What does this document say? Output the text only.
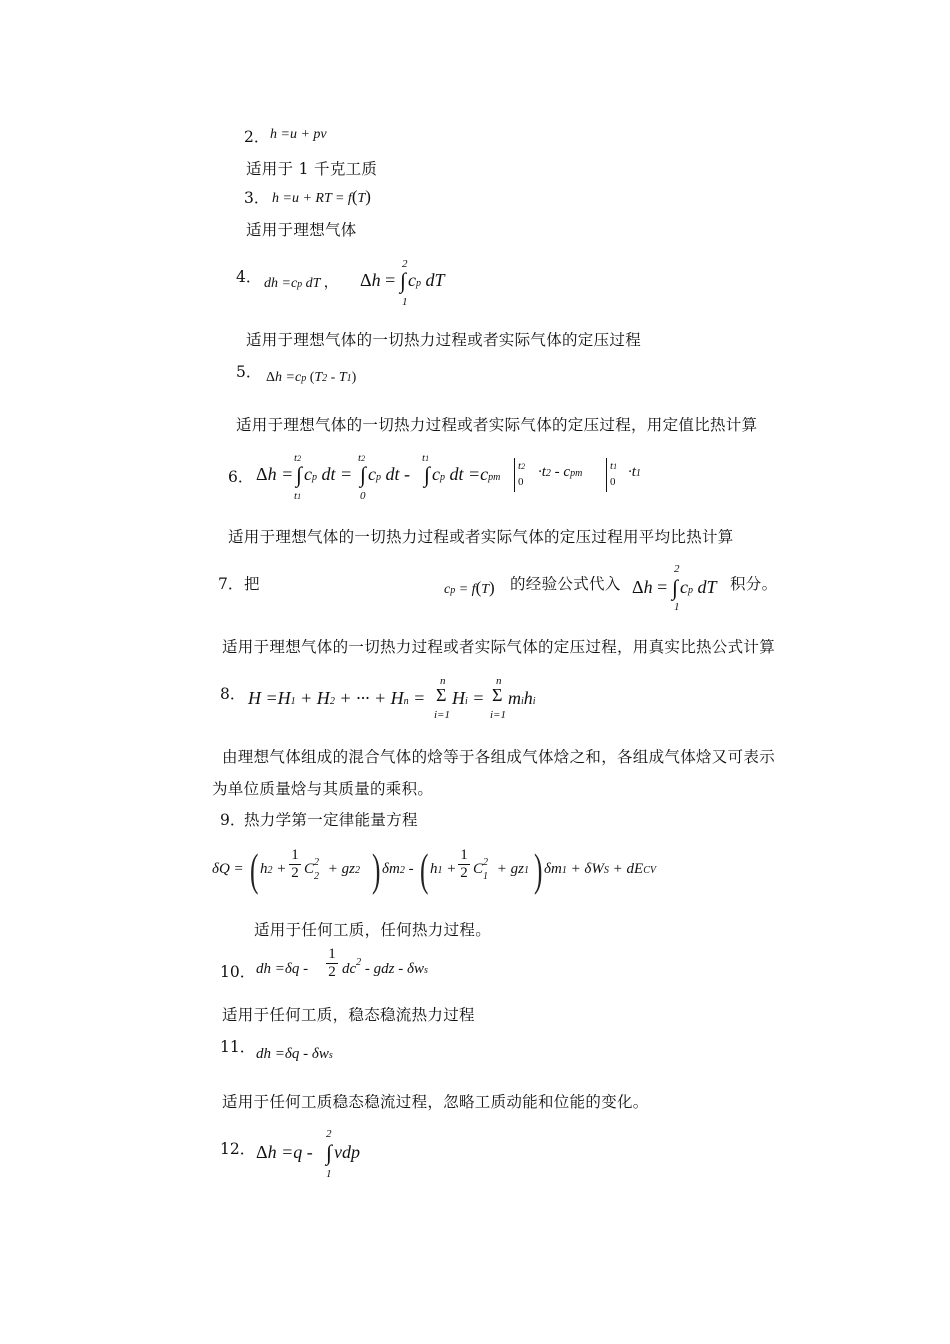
2． h =u + pv
适用于 1 千克工质
3． h =u + RT = f(T)
适用于理想气体
4． dh =cp dT ，
2
Δh = ∫ cp dT
1
适用于理想气体的一切热力过程或者实际气体的定压过程
5． Δh =cp (T2 - T1)
适用于理想气体的一切热力过程或者实际气体的定压过程，用定值比热计算
6． Δh =
t2
∫ cp dt =
t1
t2
∫ cp dt -
0
t1
∫ cp dt =cpm
t2
0
·t2 - cpm
t1
0
·t1
适用于理想气体的一切热力过程或者实际气体的定压过程用平均比热计算
7． 把	cp = f(T) 的经验公式代入
2
Δh = ∫ cp dT
1
积分。
适用于理想气体的一切热力过程或者实际气体的定压过程，用真实比热公式计算
8． H =H1 + H2 + ··· + Hn =
n
Σ
i=1
Hi =
n
Σ
i=1
mihi
由理想气体组成的混合气体的焓等于各组成气体焓之和，各组成气体焓又可表示
为单位质量焓与其质量的乘积。
9．
热力学第一定律能量方程
δQ = ( $h2 + \frac{1}{2} C_2^2 + gz2$ ) δm2 - ( $h1 + \frac{1}{2} C_1^2 + gz1$ ) δm1 + δWS + dECV
适用于任何工质，任何热力过程。
10． dh $=\delta q - \frac{1}{2} dc^2$ - gdz - δws
适用于任何工质，稳态稳流热力过程
11． dh =δq - δws
适用于任何工质稳态稳流过程，忽略工质动能和位能的变化。
12．
2
Δh =q - ∫ vdp
1
